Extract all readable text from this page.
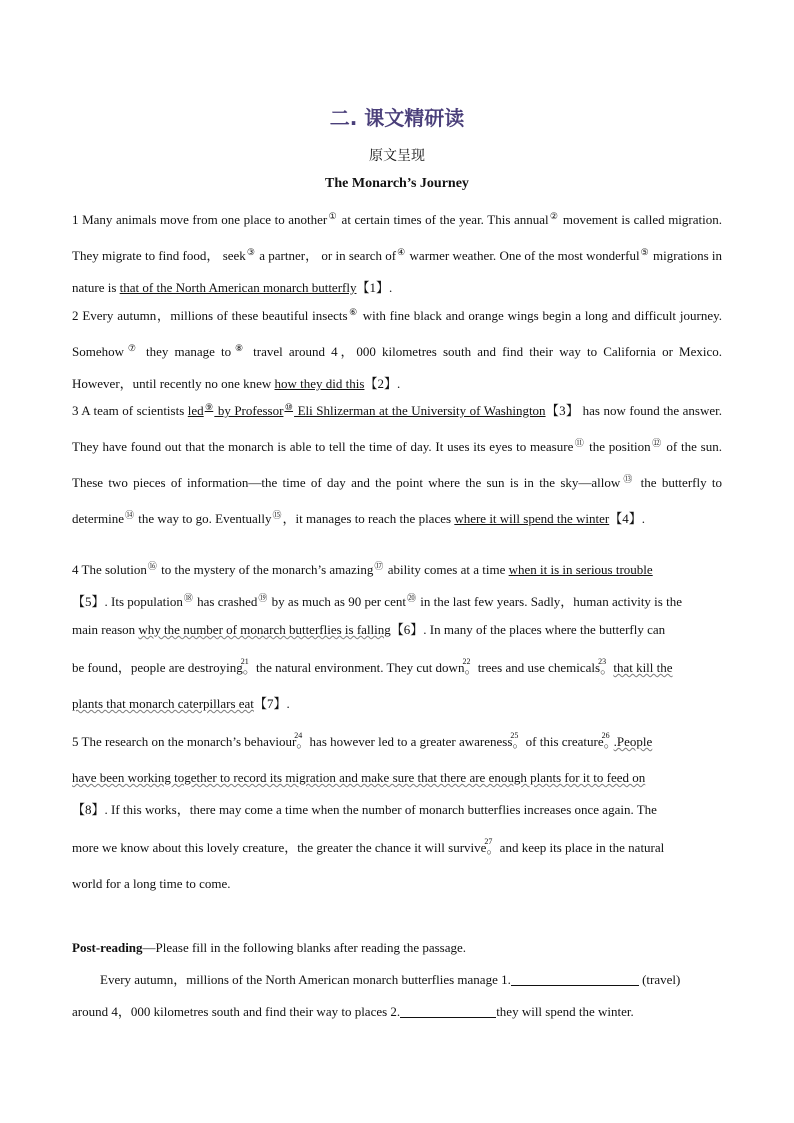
二. 课文精研读
原文呈现
The Monarch’s Journey
1 Many animals move from one place to another① at certain times of the year. This annual② movement is called migration. They migrate to find food， seek③ a partner， or in search of④ warmer weather. One of the most wonderful⑤ migrations in nature is that of the North American monarch butterfly【1】.
2 Every autumn，millions of these beautiful insects⑥ with fine black and orange wings begin a long and difficult journey. Somehow⑦ they manage to⑧ travel around 4，000 kilometres south and find their way to California or Mexico. However，until recently no one knew how they did this【2】.
3 A team of scientists led⑨ by Professor⑩ Eli Shlizerman at the University of Washington【3】 has now found the answer. They have found out that the monarch is able to tell the time of day. It uses its eyes to measure⑪ the position⑫ of the sun. These two pieces of information—the time of day and the point where the sun is in the sky—allow⑬ the butterfly to determine⑭ the way to go. Eventually⑮，it manages to reach the places where it will spend the winter【4】.
4 The solution⑯ to the mystery of the monarch’s amazing⑰ ability comes at a time when it is in serious trouble
【5】. Its population⑱ has crashed⑲ by as much as 90 per cent⑳ in the last few years. Sadly，human activity is the
main reason why the number of monarch butterflies is falling【6】. In many of the places where the butterfly can
be found，people are destroying
21
○ the natural environment. They cut down
22
○ trees and use chemicals
23
○ that kill the
plants that monarch caterpillars eat【7】.
5 The research on the monarch’s behaviour
24
○ has however led to a greater awareness
25
○ of this creature
26
○ .People
have been working together to record its migration and make sure that there are enough plants for it to feed on
【8】. If this works，there may come a time when the number of monarch butterflies increases once again. The
more we know about this lovely creature，the greater the chance it will survive
27
○ and keep its place in the natural
world for a long time to come.
Post-reading—Please fill in the following blanks after reading the passage.
Every autumn，millions of the North American monarch butterflies manage 1.	(travel)
around 4，000 kilometres south and find their way to places 2.	they will spend the winter.
